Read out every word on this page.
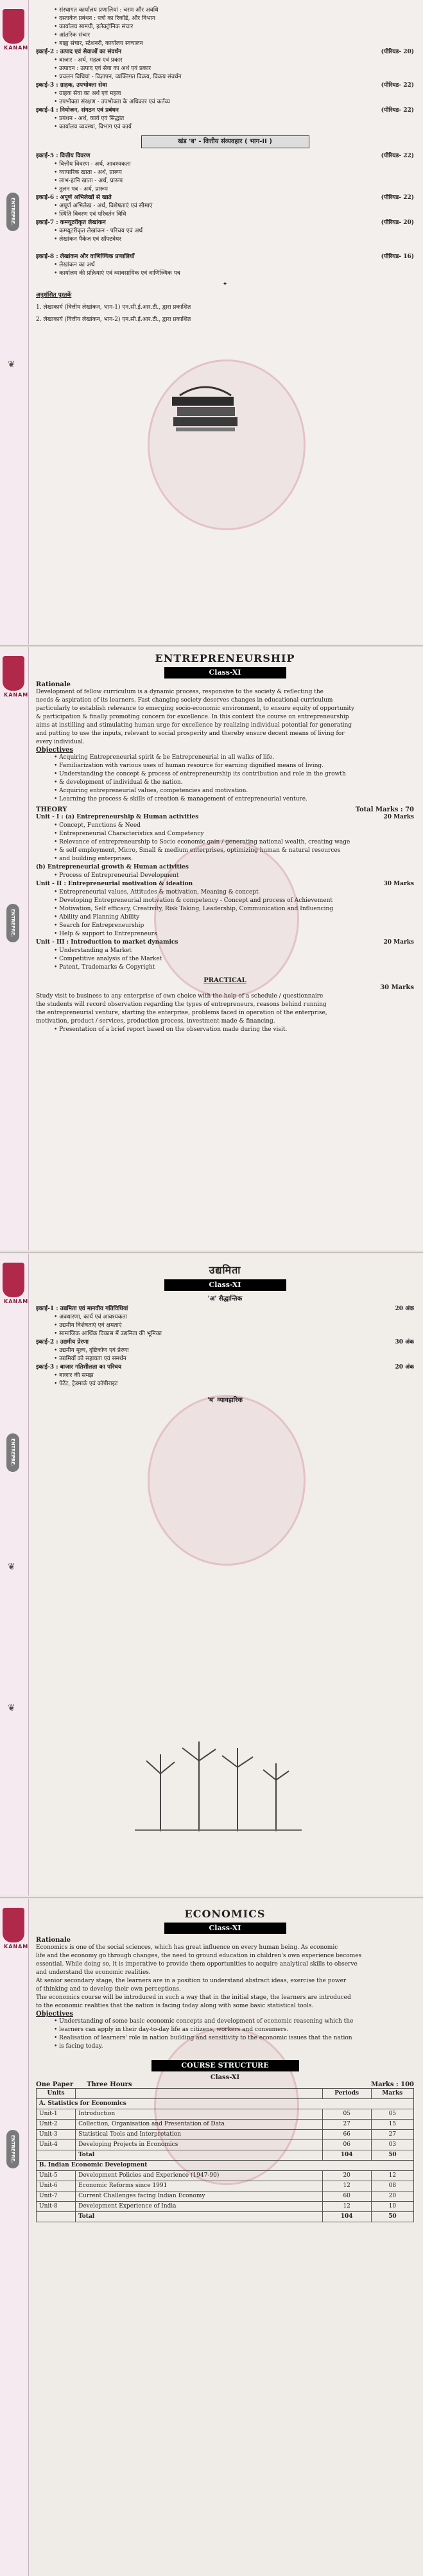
KANAM
ENTREPRE.
❦
• संस्थागत कार्यालय प्रणालियां : चरण और अवधि
• दस्तावेज प्रबंधन : पत्रों का रिकॉर्ड, और विभाग
• कार्यालय सामग्री, इलेक्ट्रॉनिक संचार
• आंतरिक संचार
• बाह्य संचार, स्टेशनरी, कार्यालय स्वचालन
इकाई-2 : उत्पाद एवं सेवाओं का संवर्धन	(पीरियड- 20)
• बाजार - अर्थ, महत्व एवं प्रकार
• उत्पादन : उत्पाद एवं सेवा का अर्थ एवं प्रकार
• प्रचलन विधियां - विज्ञापन, व्यक्तिगत विक्रय, विक्रय संवर्धन
इकाई-3 : ग्राहक, उपभोक्ता सेवा	(पीरियड- 22)
• ग्राहक सेवा का अर्थ एवं महत्व
• उपभोक्ता संरक्षण - उपभोक्ता के अधिकार एवं कर्तव्य
इकाई-4 : नियोजन, संगठन एवं प्रबंधन	(पीरियड- 22)
• प्रबंधन - अर्थ, कार्य एवं सिद्धांत
• कार्यालय व्यवस्था, विभाग एवं कार्य
खंड 'ब' - वित्तीय संव्यवहार ( भाग-II )
इकाई-5 : वित्तीय विवरण	(पीरियड- 22)
• वित्तीय विवरण - अर्थ, आवश्यकता
• व्यापारिक खाता - अर्थ, प्रारूप
• लाभ-हानि खाता - अर्थ, प्रारूप
• तुलन पत्र - अर्थ, प्रारूप
इकाई-6 : अपूर्ण अभिलेखों से खाते	(पीरियड- 22)
• अपूर्ण अभिलेख - अर्थ, विशेषताएं एवं सीमाएं
• स्थिति विवरण एवं परिवर्तन विधि
इकाई-7 : कम्प्यूटरीकृत लेखांकन	(पीरियड- 20)
• कम्प्यूटरीकृत लेखांकन - परिचय एवं अर्थ
• लेखांकन पैकेज एवं सॉफ्टवेयर
इकाई-8 : लेखांकन और वाणिज्यिक प्रणालियाँ	(पीरियड- 16)
• लेखांकन का अर्थ
• कार्यालय की प्रक्रियाएं एवं व्यावसायिक एवं वाणिज्यिक पत्र
✦
अनुशंसित पुस्तकें
1. लेखाकार्य (वित्तीय लेखांकन, भाग-1) एन.सी.ई.आर.टी., द्वारा प्रकाशित
2. लेखाकार्य (वित्तीय लेखांकन, भाग-2) एन.सी.ई.आर.टी., द्वारा प्रकाशित
KANAM
ENTREPRE.
ENTREPRENEURSHIP
Class-XI
Rationale
Development of fellow curriculum is a dynamic process, responsive to the society & reflecting the
needs & aspiration of its learners. Fast changing society deserves changes in educational curriculum
particularly to establish relevance to emerging socio-economic environment, to ensure equity of opportunity
& participation & finally promoting concern for excellence. In this context the course on entrepreneurship
aims at instilling and stimulating human urge for excellence by realizing individual potential for generating
and putting to use the inputs, relevant to social prosperity and thereby ensure decent means of living for
every individual.
Objectives
• Acquiring Entrepreneurial spirit & be Entrepreneurial in all walks of life.
• Familiarization with various uses of human resource for earning dignified means of living.
• Understanding the concept & process of entrepreneurship its contribution and role in the growth
• & development of individual & the nation.
• Acquiring entrepreneurial values, competencies and motivation.
• Learning the process & skills of creation & management of entrepreneurial venture.
THEORY	Total Marks : 70
Unit - I : (a) Entrepreneurship & Human activities	20 Marks
• Concept, Functions & Need
• Entrepreneurial Characteristics and Competency
• Relevance of entrepreneurship to Socio economic gain / generating national wealth, creating wage
• & self employment, Micro, Small & medium enterprises, optimizing human & natural resources
• and building enterprises.
(b) Entrepreneurial growth & Human activities
• Process of Entrepreneurial Development
Unit - II : Entrepreneurial motivation & ideation	30 Marks
• Entrepreneurial values, Attitudes & motivation, Meaning & concept
• Developing Entrepreneurial motivation & competency - Concept and process of Achievement
• Motivation, Self efficacy, Creativity, Risk Taking, Leadership, Communication and Influencing
• Ability and Planning Ability
• Search for Entrepreneurship
• Help & support to Entrepreneurs
Unit - III : Introduction to market dynamics	20 Marks
• Understanding a Market
• Competitive analysis of the Market
• Patent, Trademarks & Copyright
PRACTICAL
30 Marks

Study visit to business to any enterprise of own choice with the help of a schedule / questionnaire
the students will record observation regarding the types of entrepreneurs, reasons behind running
the entrepreneurial venture, starting the enterprise, problems faced in operation of the enterprise,
motivation, product / services, production process, investment made & financing.
• Presentation of a brief report based on the observation made during the visit.
KANAM
ENTREPRE.
❦
❦
उद्यमिता
Class-XI
'अ' सैद्धान्तिक
इकाई-1 : उद्यमिता एवं मानवीय गतिविधियां	20 अंक
• अवधारणा, कार्य एवं आवश्यकता
• उद्यमीय विशेषताएं एवं क्षमताएं
• सामाजिक आर्थिक विकास में उद्यमिता की भूमिका
इकाई-2 : उद्यमीय प्रेरणा	30 अंक
• उद्यमीय मूल्य, दृष्टिकोण एवं प्रेरणा
• उद्यमियों को सहायता एवं समर्थन
इकाई-3 : बाजार गतिशीलता का परिचय	20 अंक
• बाजार की समझ
• पेटेंट, ट्रेडमार्क एवं कॉपीराइट
'ब' व्यावहारिक
KANAM
ENTREPRE.
ECONOMICS
Class-XI
Rationale
Economics is one of the social sciences, which has great influence on every human being. As economic
life and the economy go through changes, the need to ground education in children's own experience becomes
essential. While doing so, it is imperative to provide them opportunities to acquire analytical skills to observe
and understand the economic realities.
At senior secondary stage, the learners are in a position to understand abstract ideas, exercise the power
of thinking and to develop their own perceptions.
The economics course will be introduced in such a way that in the initial stage, the learners are introduced
to the economic realities that the nation is facing today along with some basic statistical tools.
Objectives
• Understanding of some basic economic concepts and development of economic reasoning which the
• learners can apply in their day-to-day life as citizens, workers and consumers.
• Realisation of learners' role in nation building and sensitivity to the economic issues that the nation
• is facing today.
COURSE STRUCTURE
Class-XI
One Paper Three Hours	Marks : 100
Units		Periods	Marks
A. Statistics for Economics			
Unit-1	Introduction	05	05
Unit-2	Collection, Organisation and Presentation of Data	27	15
Unit-3	Statistical Tools and Interpretation	66	27
Unit-4	Developing Projects in Economics	06	03
	Total	104	50
B. Indian Economic Development			
Unit-5	Development Policies and Experience (1947-90)	20	12
Unit-6	Economic Reforms since 1991	12	08
Unit-7	Current Challenges facing Indian Economy	60	20
Unit-8	Development Experience of India	12	10
	Total	104	50
